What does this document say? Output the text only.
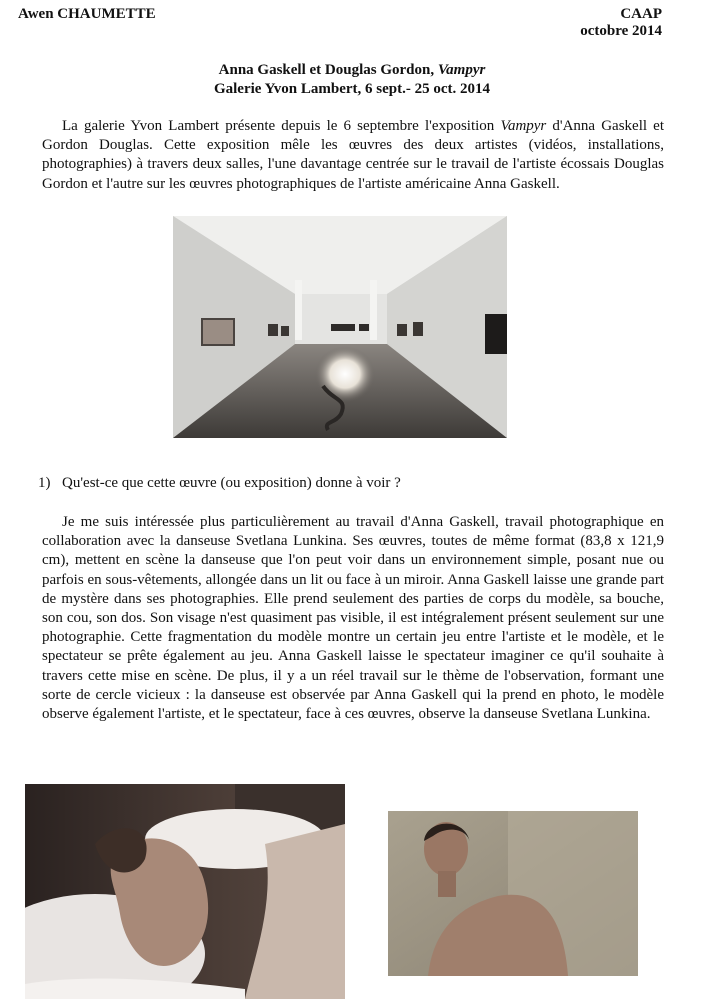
Awen CHAUMETTE	CAAP
octobre 2014
Anna Gaskell et Douglas Gordon, Vampyr
Galerie Yvon Lambert, 6 sept.- 25 oct. 2014
La galerie Yvon Lambert présente depuis le 6 septembre l'exposition Vampyr d'Anna Gaskell et Gordon Douglas. Cette exposition mêle les œuvres des deux artistes (vidéos, installations, photographies) à travers deux salles, l'une davantage centrée sur le travail de l'artiste écossais Douglas Gordon et l'autre sur les œuvres photographiques de l'artiste américaine Anna Gaskell.
1) Qu'est-ce que cette œuvre (ou exposition) donne à voir ?
Je me suis intéressée plus particulièrement au travail d'Anna Gaskell, travail photographique en collaboration avec la danseuse Svetlana Lunkina. Ses œuvres, toutes de même format (83,8 x 121,9 cm), mettent en scène la danseuse que l'on peut voir dans un environnement simple, posant nue ou parfois en sous-vêtements, allongée dans un lit ou face à un miroir. Anna Gaskell laisse une grande part de mystère dans ses photographies. Elle prend seulement des parties de corps du modèle, sa bouche, son cou, son dos. Son visage n'est quasiment pas visible, il est intégralement présent seulement sur une photographie. Cette fragmentation du modèle montre un certain jeu entre l'artiste et le modèle, et le spectateur se prête également au jeu. Anna Gaskell laisse le spectateur imaginer ce qu'il souhaite à travers cette mise en scène. De plus, il y a un réel travail sur le thème de l'observation, formant une sorte de cercle vicieux : la danseuse est observée par Anna Gaskell qui la prend en photo, le modèle observe également l'artiste, et le spectateur, face à ces œuvres, observe la danseuse Svetlana Lunkina.
